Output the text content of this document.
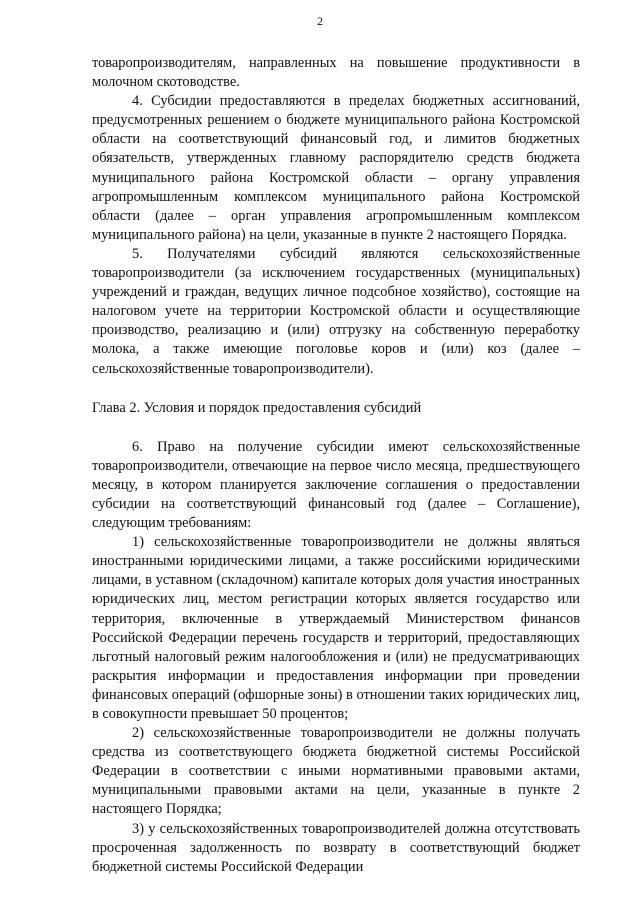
2

товаропроизводителям, направленных на повышение продуктивности в молочном скотоводстве.

4. Субсидии предоставляются в пределах бюджетных ассигнований, предусмотренных решением о бюджете муниципального района Костромской области на соответствующий финансовый год, и лимитов бюджетных обязательств, утвержденных главному распорядителю средств бюджета муниципального района Костромской области – органу управления агропромышленным комплексом муниципального района Костромской области (далее – орган управления агропромышленным комплексом муниципального района) на цели, указанные в пункте 2 настоящего Порядка.

5. Получателями субсидий являются сельскохозяйственные товаропроизводители (за исключением государственных (муниципальных) учреждений и граждан, ведущих личное подсобное хозяйство), состоящие на налоговом учете на территории Костромской области и осуществляющие производство, реализацию и (или) отгрузку на собственную переработку молока, а также имеющие поголовье коров и (или) коз (далее – сельскохозяйственные товаропроизводители).

Глава 2. Условия и порядок предоставления субсидий

6. Право на получение субсидии имеют сельскохозяйственные товаропроизводители, отвечающие на первое число месяца, предшествующего месяцу, в котором планируется заключение соглашения о предоставлении субсидии на соответствующий финансовый год (далее – Соглашение), следующим требованиям:

1) сельскохозяйственные товаропроизводители не должны являться иностранными юридическими лицами, а также российскими юридическими лицами, в уставном (складочном) капитале которых доля участия иностранных юридических лиц, местом регистрации которых является государство или территория, включенные в утверждаемый Министерством финансов Российской Федерации перечень государств и территорий, предоставляющих льготный налоговый режим налогообложения и (или) не предусматривающих раскрытия информации и предоставления информации при проведении финансовых операций (офшорные зоны) в отношении таких юридических лиц, в совокупности превышает 50 процентов;

2) сельскохозяйственные товаропроизводители не должны получать средства из соответствующего бюджета бюджетной системы Российской Федерации в соответствии с иными нормативными правовыми актами, муниципальными правовыми актами на цели, указанные в пункте 2 настоящего Порядка;

3) у сельскохозяйственных товаропроизводителей должна отсутствовать просроченная задолженность по возврату в соответствующий бюджет бюджетной системы Российской Федерации
